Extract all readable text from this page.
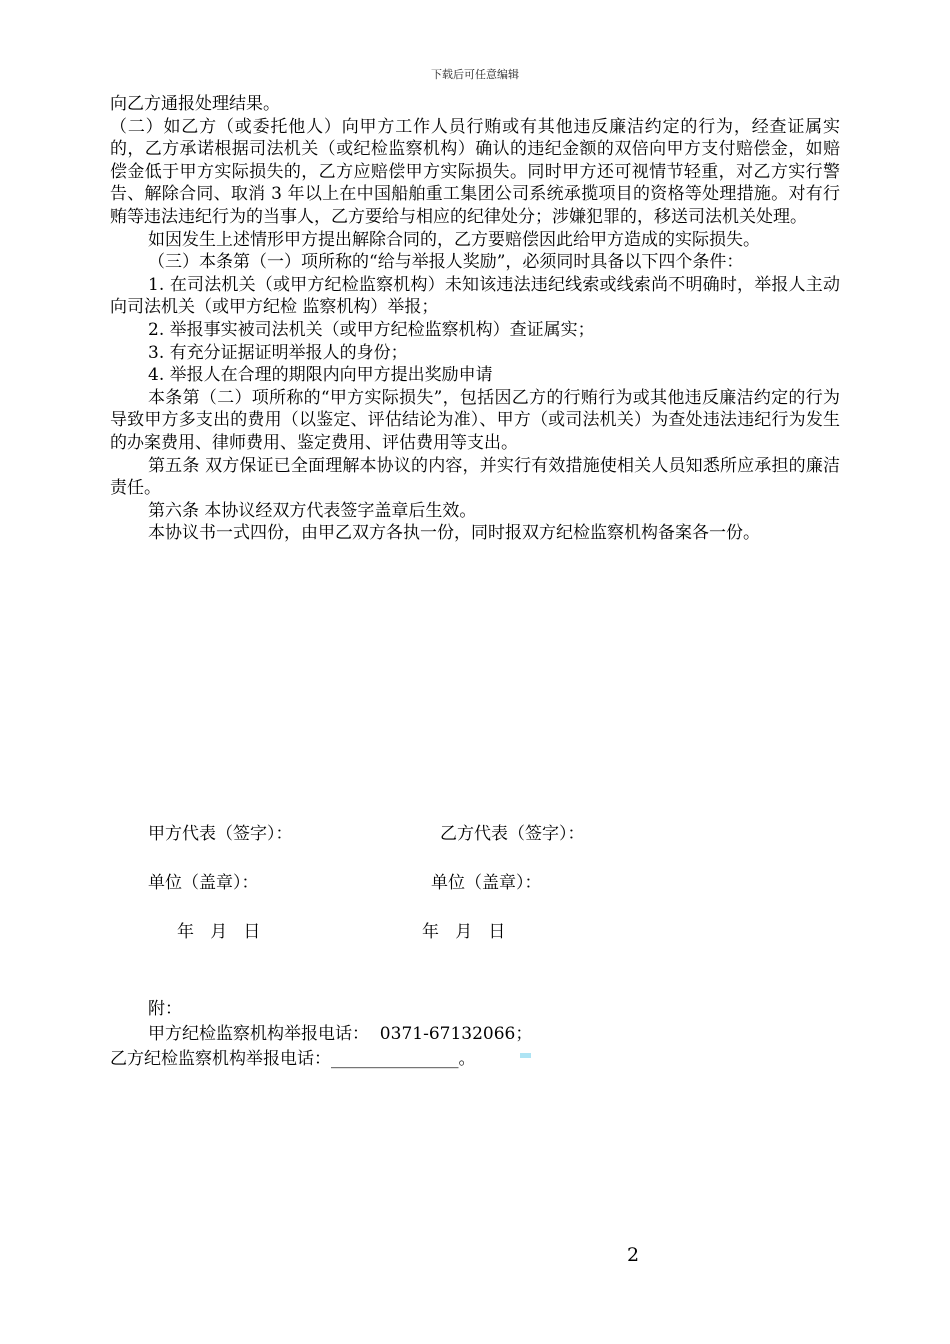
下载后可任意编辑

向乙方通报处理结果。

（二）如乙方（或委托他人）向甲方工作人员行贿或有其他违反廉洁约定的行为，经查证属实的，乙方承诺根据司法机关（或纪检监察机构）确认的违纪金额的双倍向甲方支付赔偿金，如赔偿金低于甲方实际损失的，乙方应赔偿甲方实际损失。同时甲方还可视情节轻重，对乙方实行警告、解除合同、取消 3 年以上在中国船舶重工集团公司系统承揽项目的资格等处理措施。对有行贿等违法违纪行为的当事人，乙方要给与相应的纪律处分；涉嫌犯罪的，移送司法机关处理。

如因发生上述情形甲方提出解除合同的，乙方要赔偿因此给甲方造成的实际损失。

（三）本条第（一）项所称的“给与举报人奖励”，必须同时具备以下四个条件：

1. 在司法机关（或甲方纪检监察机构）未知该违法违纪线索或线索尚不明确时，举报人主动向司法机关（或甲方纪检 监察机构）举报；

2. 举报事实被司法机关（或甲方纪检监察机构）查证属实；

3. 有充分证据证明举报人的身份；

4. 举报人在合理的期限内向甲方提出奖励申请

本条第（二）项所称的“甲方实际损失”，包括因乙方的行贿行为或其他违反廉洁约定的行为导致甲方多支出的费用（以鉴定、评估结论为准）、甲方（或司法机关）为查处违法违纪行为发生的办案费用、律师费用、鉴定费用、评估费用等支出。

第五条 双方保证已全面理解本协议的内容，并实行有效措施使相关人员知悉所应承担的廉洁责任。

第六条 本协议经双方代表签字盖章后生效。

本协议书一式四份，由甲乙双方各执一份，同时报双方纪检监察机构备案各一份。

甲方代表（签字）：	乙方代表（签字）：
单位（盖章）：	单位（盖章）：
年   月   日	年   月   日
附：
甲方纪检监察机构举报电话：  0371-67132066；
乙方纪检监察机构举报电话：_______________。
2
